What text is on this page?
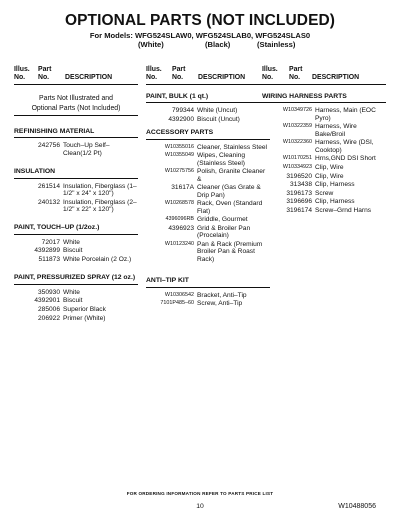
OPTIONAL PARTS (NOT INCLUDED)
For Models: WFG524SLAW0, WFG524SLAB0, WFG524SLAS0
(White)	(Black)	(Stainless)
Illus.
No.
Part
No. DESCRIPTION
Parts Not Illustrated and
Optional Parts (Not Included)
REFINISHING MATERIAL
242756 Touch–Up Self–Clean(1/2 Pt)
INSULATION
261514 Insulation, Fiberglass (1–1/2" x 24" x 120")
240132 Insulation, Fiberglass (2–1/2" x 22" x 120")
PAINT, TOUCH–UP (1/2oz.)
72017 White
4392899 Biscuit
511873 White Porcelain (2 Oz.)
PAINT, PRESSURIZED SPRAY (12 oz.)
350930 White
4392901 Biscuit
285006 Superior Black
206922 Primer (White)
Illus.
No.
Part
No. DESCRIPTION
PAINT, BULK (1 qt.)
799344 White (Uncut)
4392900 Biscuit (Uncut)
ACCESSORY PARTS
W10355016 Cleaner, Stainless Steel
W10355049 Wipes, Cleaning (Stainless Steel)
W10275756 Polish, Granite Cleaner &
31617A Cleaner (Gas Grate & Drip Pan)
W10268578 Rack, Oven (Standard Flat)
4396096RB Griddle, Gourmet
4396923 Grid & Broiler Pan (Procelain)
W10123240 Pan & Rack (Premium Broiler Pan & Roast Rack)
ANTI–TIP KIT
W10306542 Bracket, Anti–Tip
7101P485–60 Screw, Anti–Tip
Illus.
No.
Part
No. DESCRIPTION
WIRING HARNESS PARTS
W10349726 Harness, Main (EOC Pyro)
W10322359 Harness, Wire Bake/Broil
W10322360 Harness, Wire (DSI, Cooktop)
W10170251 Hrns,GND DSI Short
W10334923 Clip, Wire
3196520 Clip, Wire
313438 Clip, Harness
3196173 Screw
3196696 Clip, Harness
3196174 Screw–Grnd Harns
FOR ORDERING INFORMATION REFER TO PARTS PRICE LIST
10	W10488056
